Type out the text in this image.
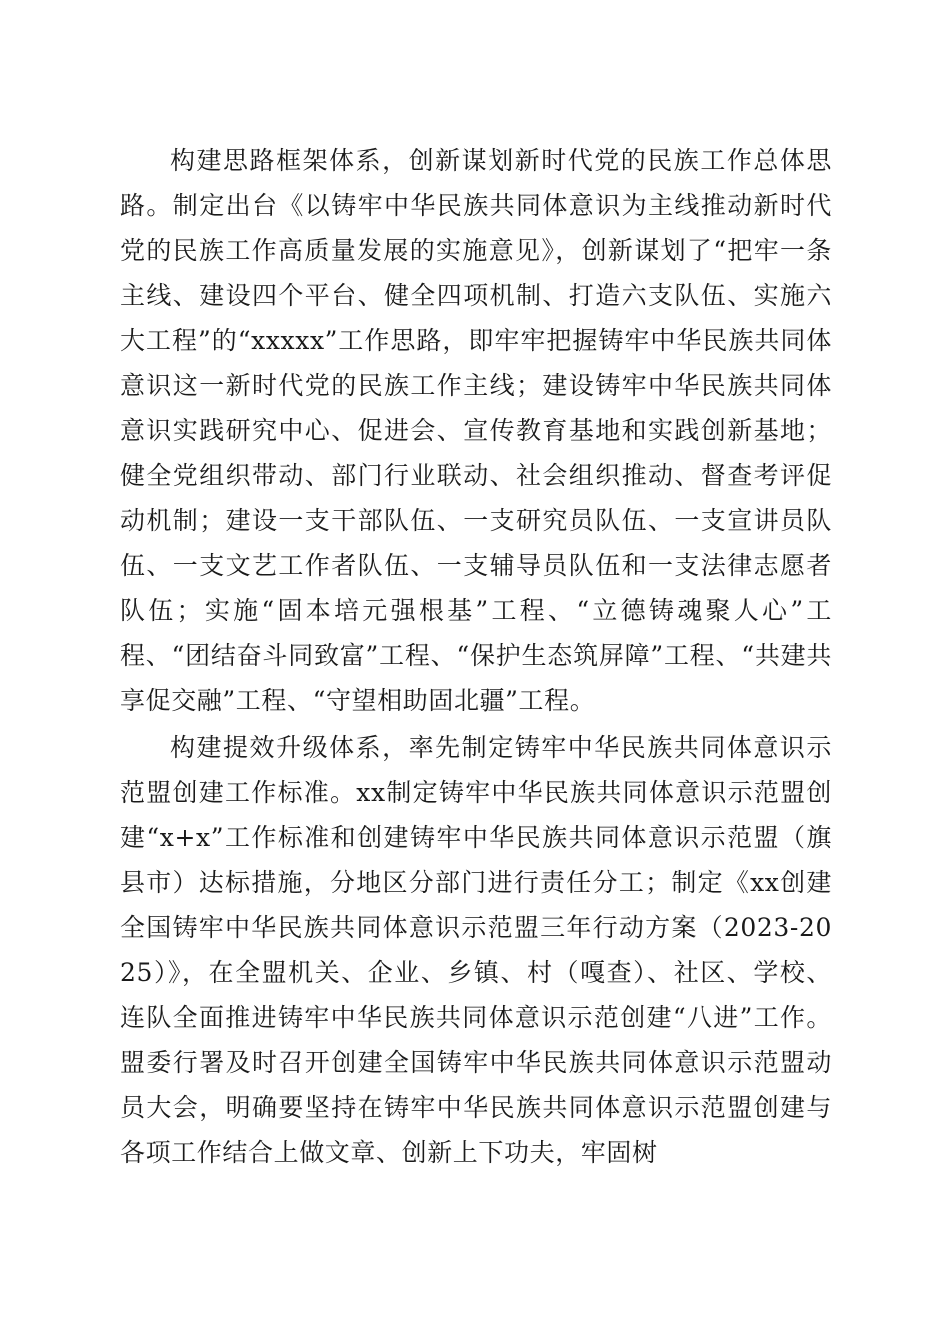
构建思路框架体系，创新谋划新时代党的民族工作总体思路。制定出台《以铸牢中华民族共同体意识为主线推动新时代党的民族工作高质量发展的实施意见》，创新谋划了“把牢一条主线、建设四个平台、健全四项机制、打造六支队伍、实施六大工程”的“xxxxx”工作思路，即牢牢把握铸牢中华民族共同体意识这一新时代党的民族工作主线；建设铸牢中华民族共同体意识实践研究中心、促进会、宣传教育基地和实践创新基地；健全党组织带动、部门行业联动、社会组织推动、督查考评促动机制；建设一支干部队伍、一支研究员队伍、一支宣讲员队伍、一支文艺工作者队伍、一支辅导员队伍和一支法律志愿者队伍；实施“固本培元强根基”工程、“立德铸魂聚人心”工程、“团结奋斗同致富”工程、“保护生态筑屏障”工程、“共建共享促交融”工程、“守望相助固北疆”工程。

构建提效升级体系，率先制定铸牢中华民族共同体意识示范盟创建工作标准。xx制定铸牢中华民族共同体意识示范盟创建“x+x”工作标准和创建铸牢中华民族共同体意识示范盟（旗县市）达标措施，分地区分部门进行责任分工；制定《xx创建全国铸牢中华民族共同体意识示范盟三年行动方案（2023-2025）》，在全盟机关、企业、乡镇、村（嘎查）、社区、学校、连队全面推进铸牢中华民族共同体意识示范创建“八进”工作。盟委行署及时召开创建全国铸牢中华民族共同体意识示范盟动员大会，明确要坚持在铸牢中华民族共同体意识示范盟创建与各项工作结合上做文章、创新上下功夫，牢固树
